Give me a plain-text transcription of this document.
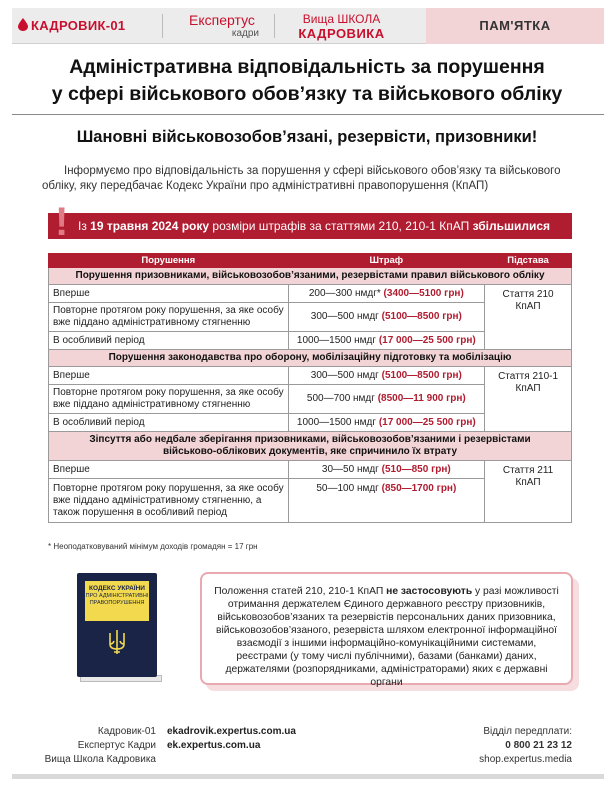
КАДРОВИК-01	Експертус
кадри
Вища ШКОЛА
КАДРОВИКА
ПАМ'ЯТКА
Адміністративна відповідальність за порушення
у сфері військового обов’язку та військового обліку
Шановні військовозобов’язані, резервісти, призовники!
Інформуємо про відповідальність за порушення у сфері військового обов’язку та військового обліку, яку передбачає Кодекс України про адміністративні правопорушення (КпАП)
Із 19 травня 2024 року розміри штрафів за статтями 210, 210-1 КпАП збільшилися
!
Порушення	Штраф	Підстава
Порушення призовниками, військовозобов’язаними, резервістами правил військового обліку		
Вперше	200—300 нмдг* (3400—5100 грн)	Стаття 210 КпАП
Повторне протягом року порушення, за яке особу вже піддано адміністративному стягненню	300—500 нмдг (5100—8500 грн)	
В особливий період	1000—1500 нмдг (17 000—25 500 грн)	
Порушення законодавства про оборону, мобілізаційну підготовку та мобілізацію		
Вперше	300—500 нмдг (5100—8500 грн)	Стаття 210-1 КпАП
Повторне протягом року порушення, за яке особу вже піддано адміністративному стягненню	500—700 нмдг (8500—11 900 грн)	
В особливий період	1000—1500 нмдг (17 000—25 500 грн)	
Зіпсуття або недбале зберігання призовниками, військовозобов’язаними і резервістами військово-облікових документів, яке спричинило їх втрату		
Вперше	30—50 нмдг (510—850 грн)	Стаття 211 КпАП
Повторне протягом року порушення, за яке особу вже піддано адміністративному стягненню, а також порушення в особливий період	50—100 нмдг (850—1700 грн)	
* Неоподатковуваний мінімум доходів громадян = 17 грн
КОДЕКС УКРАЇНИ
ПРО АДМІНІСТРАТИВНІ ПРАВОПОРУШЕННЯ
Положення статей 210, 210-1 КпАП не застосовують у разі можливості отримання держателем Єдиного державного реєстру призовників, військовозобов’язаних та резервістів персональних даних призовника, військовозобов’язаного, резервіста шляхом електронної інформаційної взаємодії з іншими інформаційно-комунікаційними системами, реєстрами (у тому числі публічними), базами (банками) даних, держателями (розпорядниками, адміністраторами) яких є державні органи
Кадровик-01
Експертус Кадри
Вища Школа Кадровика
ekadrovik.expertus.com.ua
ek.expertus.com.ua
Відділ передплати:
0 800 21 23 12
shop.expertus.media
